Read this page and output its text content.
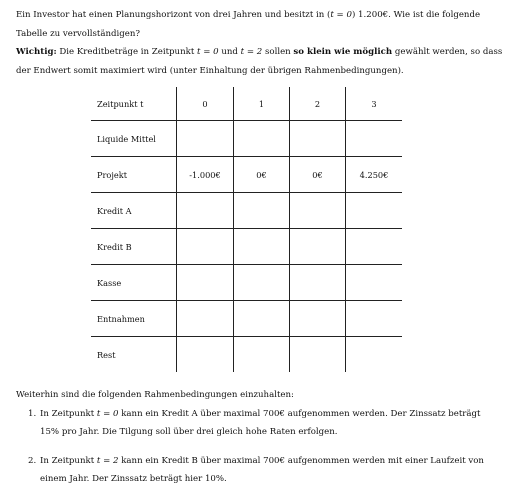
Ein Investor hat einen Planungshorizont von drei Jahren und besitzt in (t = 0) 1.200€. Wie ist die folgende Tabelle zu vervollständigen?

Wichtig: Die Kreditbeträge in Zeitpunkt t = 0 und t = 2 sollen so klein wie möglich gewählt werden, so dass der Endwert somit maximiert wird (unter Einhaltung der übrigen Rahmenbedingungen).

Zeitpunkt t	0	1	2	3
Liquide Mittel				
Projekt	-1.000€	0€	0€	4.250€
Kredit A				
Kredit B				
Kasse				
Entnahmen				
Rest				

Weiterhin sind die folgenden Rahmenbedingungen einzuhalten:

1. In Zeitpunkt t = 0 kann ein Kredit A über maximal 700€ aufgenommen werden. Der Zinssatz beträgt 15% pro Jahr. Die Tilgung soll über drei gleich hohe Raten erfolgen.
2. In Zeitpunkt t = 2 kann ein Kredit B über maximal 700€ aufgenommen werden mit einer Laufzeit von einem Jahr. Der Zinssatz beträgt hier 10%.
